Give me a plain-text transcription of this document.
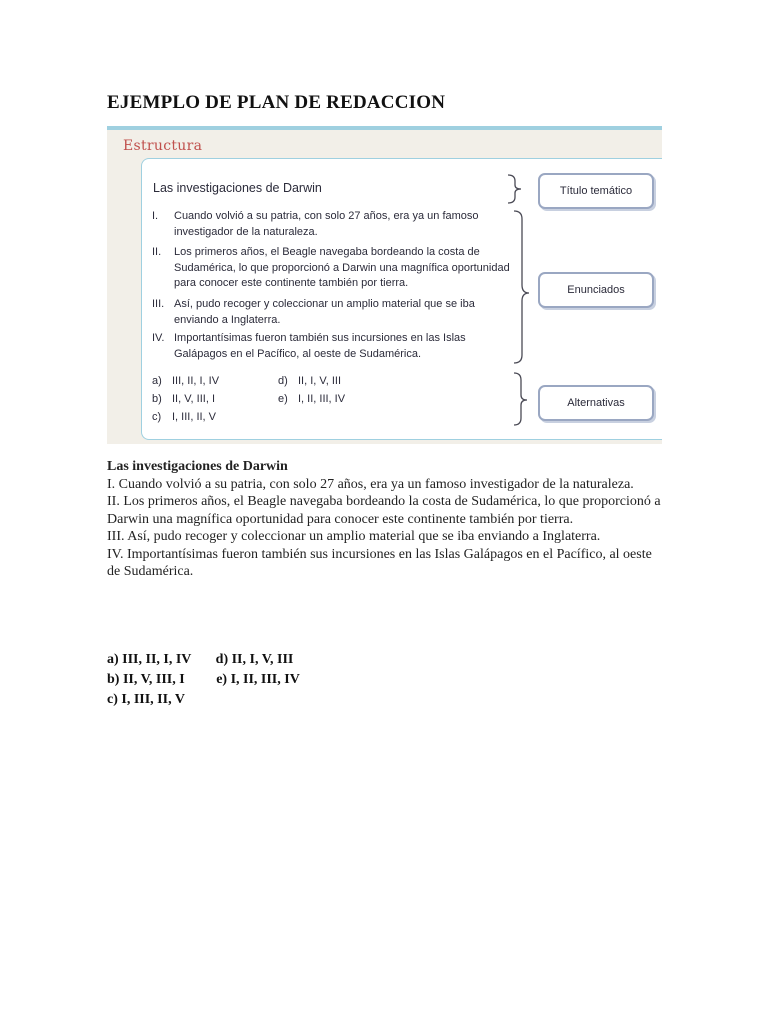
EJEMPLO DE PLAN DE REDACCION
Estructura
Las investigaciones de Darwin
I.	Cuando volvió a su patria, con solo 27 años, era ya un famoso investigador de la naturaleza.
II.	Los primeros años, el Beagle navegaba bordeando la costa de Sudamérica, lo que proporcionó a Darwin una magnífica oportunidad para conocer este continente también por tierra.
III. Así, pudo recoger y coleccionar un amplio material que se iba enviando a Inglaterra.
IV. Importantísimas fueron también sus incursiones en las Islas Galápagos en el Pacífico, al oeste de Sudamérica.
a) III, II, I, IV
b) II, V, III, I
c) I, III, II, V
d) II, I, V, III
e) I, II, III, IV
Título temático
Enunciados
Alternativas
Las investigaciones de Darwin

I. Cuando volvió a su patria, con solo 27 años, era ya un famoso investigador de la naturaleza.

II. Los primeros años, el Beagle navegaba bordeando la costa de Sudamérica, lo que proporcionó a Darwin una magnífica oportunidad para conocer este continente también por tierra.

III. Así, pudo recoger y coleccionar un amplio material que se iba enviando a Inglaterra.

IV. Importantísimas fueron también sus incursiones en las Islas Galápagos en el Pacífico, al oeste de Sudamérica.

a) III, II, I, IV       d) II, I, V, III
b) II, V, III, I         e) I, II, III, IV
c) I, III, II, V
